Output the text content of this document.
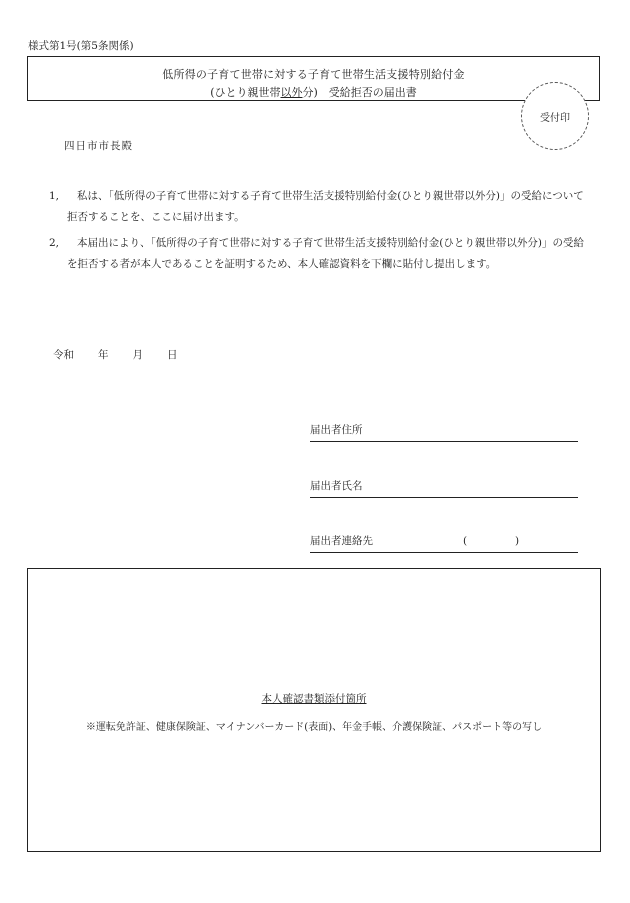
様式第1号(第5条関係)
低所得の子育て世帯に対する子育て世帯生活支援特別給付金
(ひとり親世帯以外分)　受給拒否の届出書
受付印
四日市市長殿
1,	私は、「低所得の子育て世帯に対する子育て世帯生活支援特別給付金(ひとり親世帯以外分)」の受給について拒否することを、ここに届け出ます。
2,	本届出により、「低所得の子育て世帯に対する子育て世帯生活支援特別給付金(ひとり親世帯以外分)」の受給を拒否する者が本人であることを証明するため、本人確認資料を下欄に貼付し提出します。
令和 年 月 日
届出者住所
届出者氏名
届出者連絡先	(	)
本人確認書類添付箇所
※運転免許証、健康保険証、マイナンバーカード(表面)、年金手帳、介護保険証、パスポート等の写し
